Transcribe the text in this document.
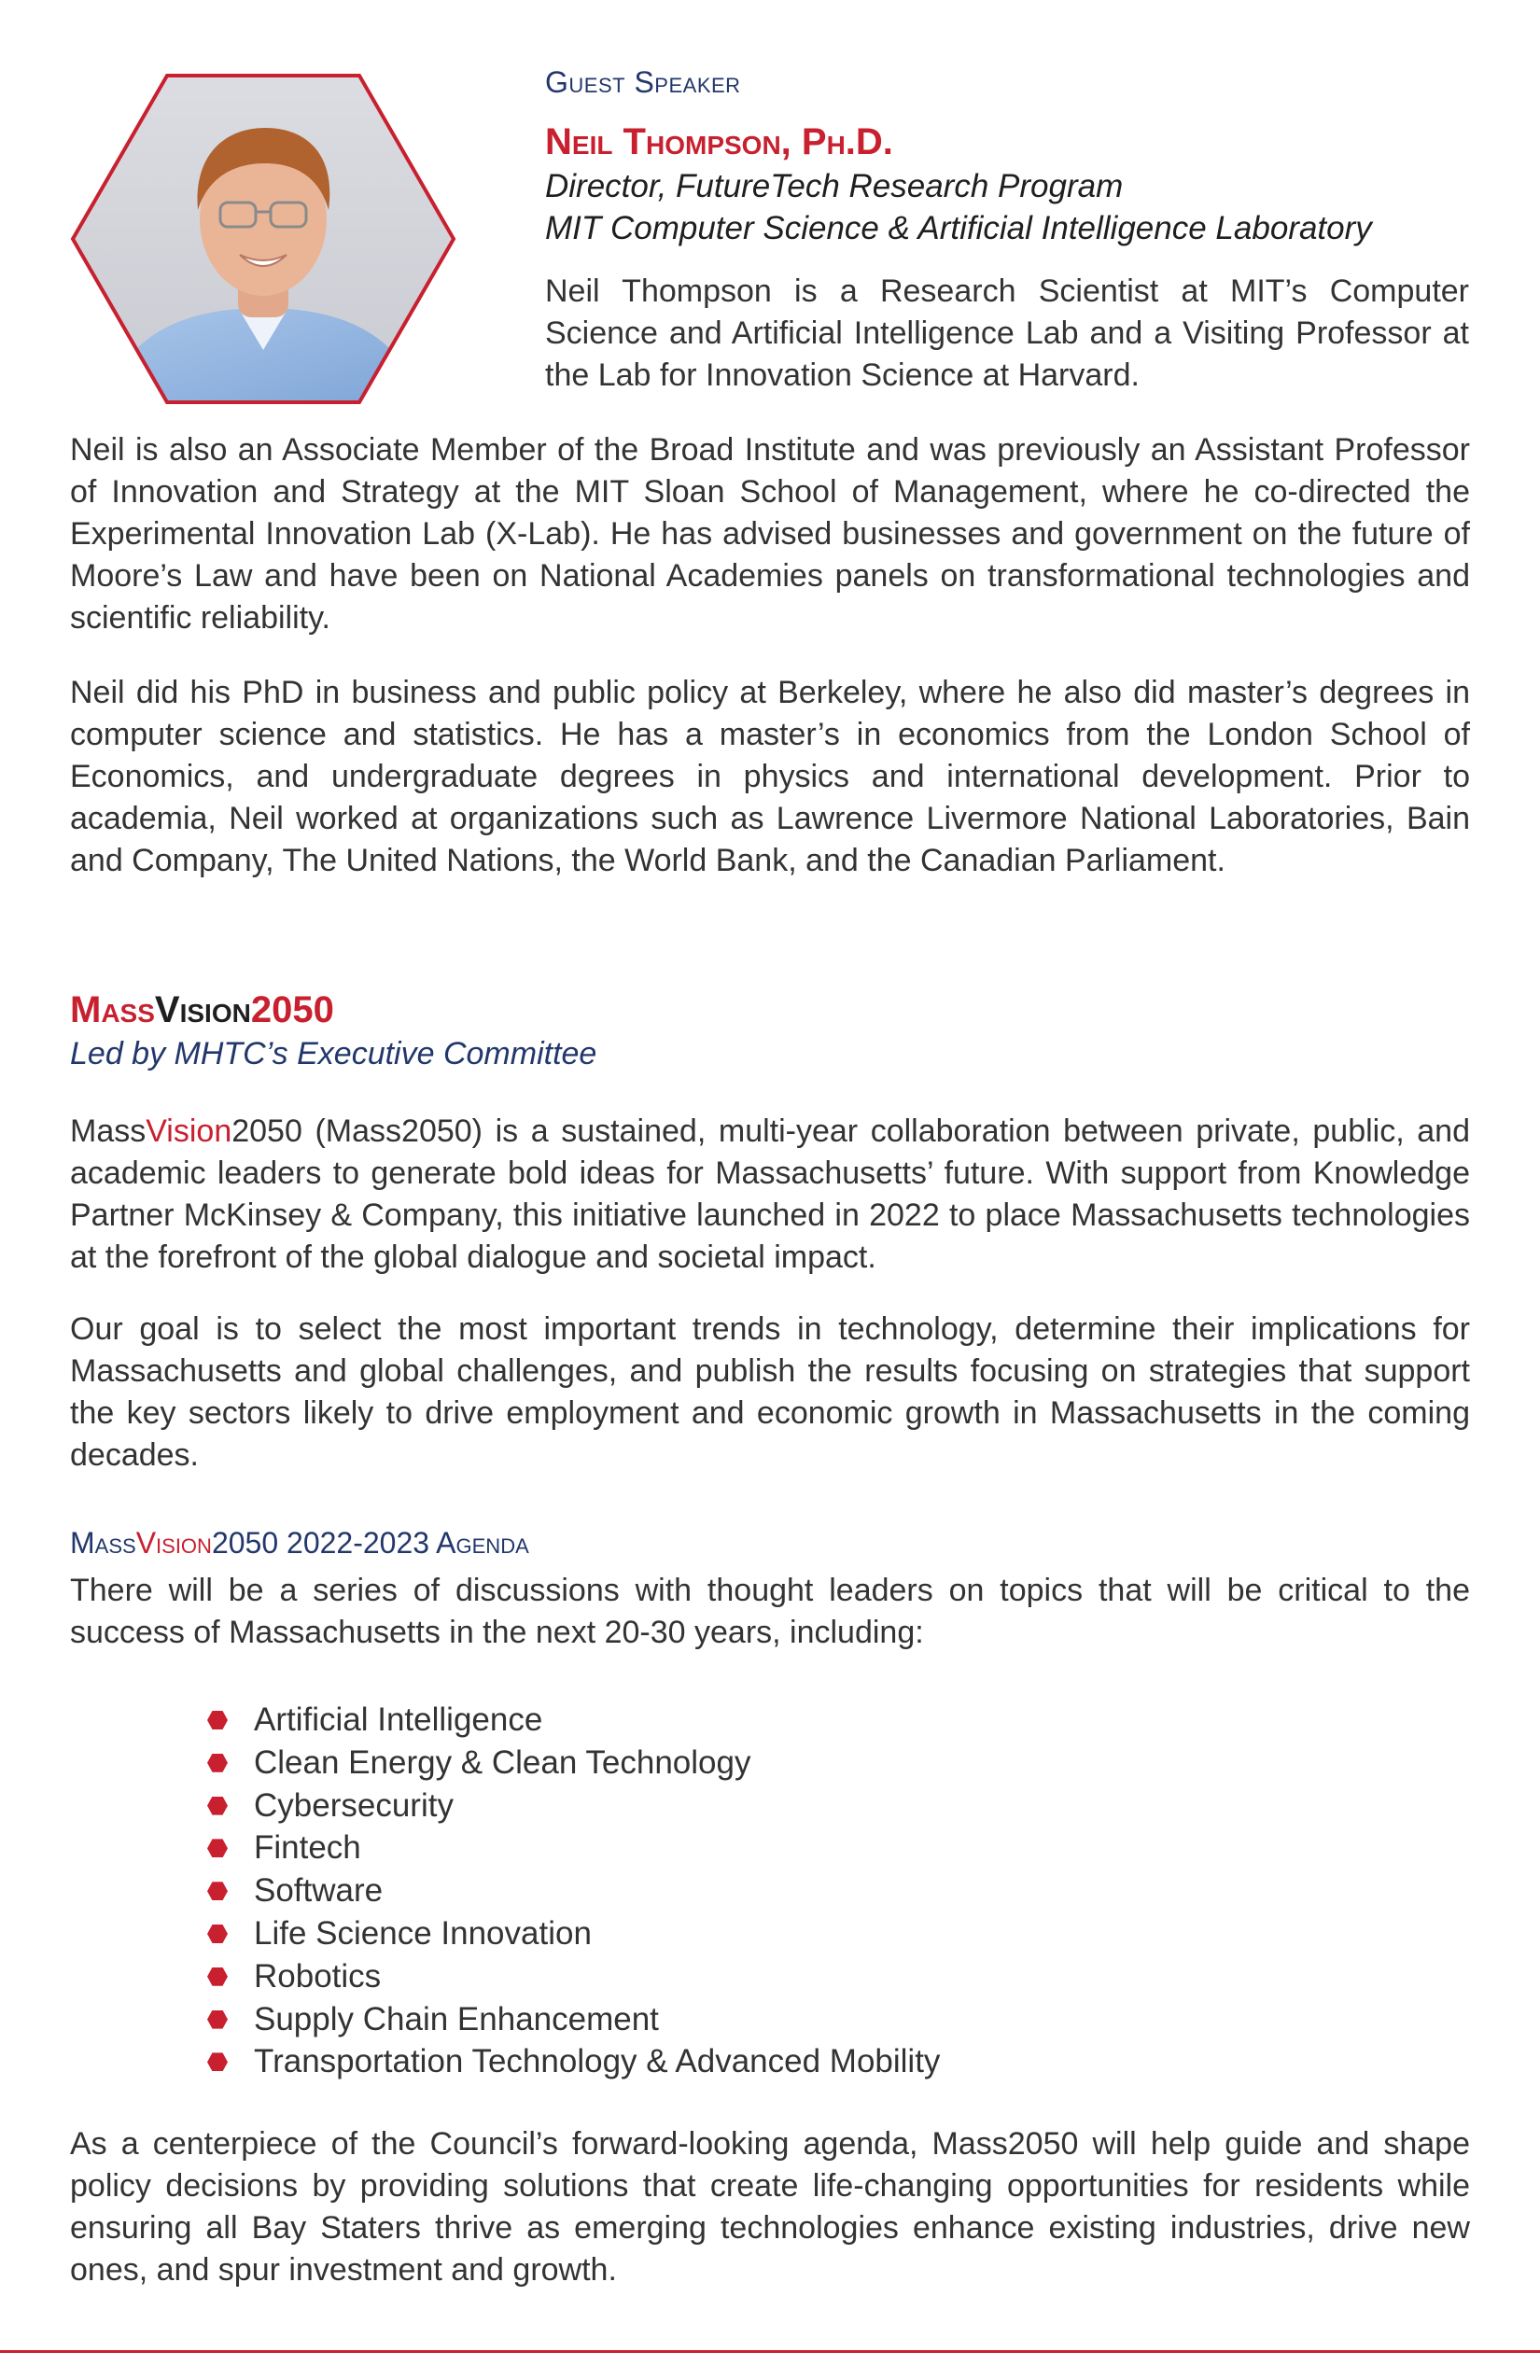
Guest Speaker
Neil Thompson, Ph.D.
Director, FutureTech Research Program
MIT Computer Science & Artificial Intelligence Laboratory

Neil Thompson is a Research Scientist at MIT’s Computer Science and Artificial Intelligence Lab and a Visiting Professor at the Lab for Innovation Science at Harvard.

Neil is also an Associate Member of the Broad Institute and was previously an Assistant Professor of Innovation and Strategy at the MIT Sloan School of Management, where he co-directed the Experimental Innovation Lab (X-Lab). He has advised businesses and government on the future of Moore’s Law and have been on National Academies panels on transformational technologies and scientific reliability.

Neil did his PhD in business and public policy at Berkeley, where he also did master’s degrees in computer science and statistics. He has a master’s in economics from the London School of Economics, and undergraduate degrees in physics and international development. Prior to academia, Neil worked at organizations such as Lawrence Livermore National Laboratories, Bain and Company, The United Nations, the World Bank, and the Canadian Parliament.

MassVision2050
Led by MHTC’s Executive Committee

MassVision2050 (Mass2050) is a sustained, multi-year collaboration between private, public, and academic leaders to generate bold ideas for Massachusetts’ future. With support from Knowledge Partner McKinsey & Company, this initiative launched in 2022 to place Massachusetts technologies at the forefront of the global dialogue and societal impact.

Our goal is to select the most important trends in technology, determine their implications for Massachusetts and global challenges, and publish the results focusing on strategies that support the key sectors likely to drive employment and economic growth in Massachusetts in the coming decades.

MassVision2050 2022-2023 Agenda

There will be a series of discussions with thought leaders on topics that will be critical to the success of Massachusetts in the next 20-30 years, including:

Artificial Intelligence
Clean Energy & Clean Technology
Cybersecurity
Fintech
Software
Life Science Innovation
Robotics
Supply Chain Enhancement
Transportation Technology & Advanced Mobility

As a centerpiece of the Council’s forward-looking agenda, Mass2050 will help guide and shape policy decisions by providing solutions that create life-changing opportunities for residents while ensuring all Bay Staters thrive as emerging technologies enhance existing industries, drive new ones, and spur investment and growth.
